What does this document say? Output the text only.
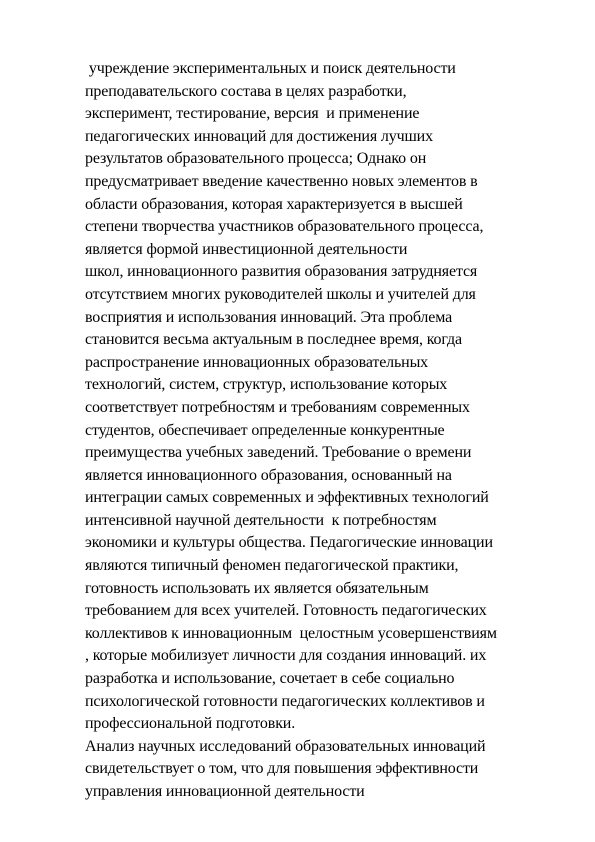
учреждение экспериментальных и поиск деятельности
преподавательского состава в целях разработки,
эксперимент, тестирование, версия  и применение
педагогических инноваций для достижения лучших
результатов образовательного процесса; Однако он
предусматривает введение качественно новых элементов в
области образования, которая характеризуется в высшей
степени творчества участников образовательного процесса,
является формой инвестиционной деятельности
школ, инновационного развития образования затрудняется
отсутствием многих руководителей школы и учителей для
восприятия и использования инноваций. Эта проблема
становится весьма актуальным в последнее время, когда
распространение инновационных образовательных
технологий, систем, структур, использование которых
соответствует потребностям и требованиям современных
студентов, обеспечивает определенные конкурентные
преимущества учебных заведений. Требование о времени
является инновационного образования, основанный на
интеграции самых современных и эффективных технологий
интенсивной научной деятельности  к потребностям
экономики и культуры общества. Педагогические инновации
являются типичный феномен педагогической практики,
готовность использовать их является обязательным
требованием для всех учителей. Готовность педагогических
коллективов к инновационным  целостным усовершенствиям
, которые мобилизует личности для создания инноваций. их
разработка и использование, сочетает в себе социально
психологической готовности педагогических коллективов и
профессиональной подготовки.
Анализ научных исследований образовательных инноваций
свидетельствует о том, что для повышения эффективности
управления инновационной деятельности
